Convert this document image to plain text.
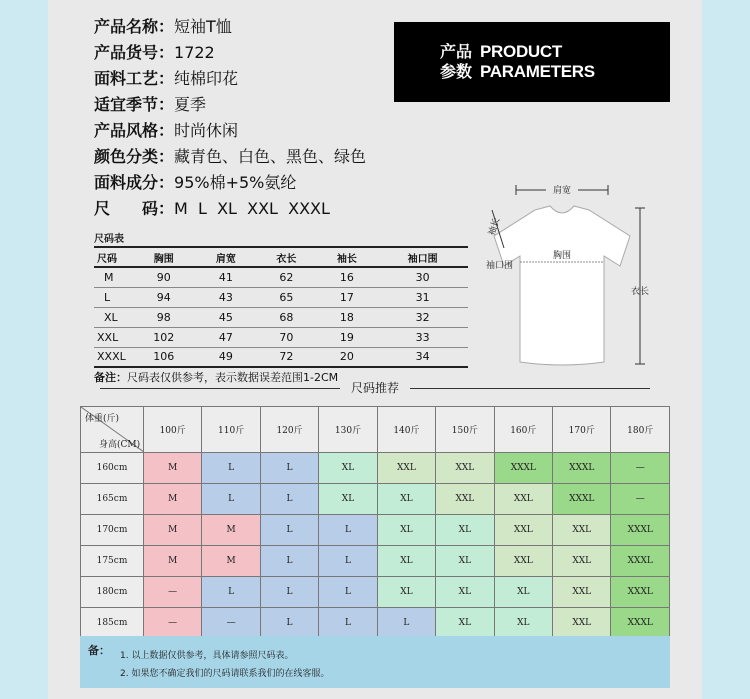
产品名称：短袖T恤
产品货号：1722
面料工艺：纯棉印花
适宜季节：夏季
产品风格：时尚休闲
颜色分类：藏青色、白色、黑色、绿色
面料成分：95%棉+5%氨纶
尺　　码：M  L  XL  XXL  XXXL
产品
参数
PRODUCT
PARAMETERS
尺码表
尺码	胸围	肩宽	衣长	袖长	袖口围
M	90	41	62	16	30
L	94	43	65	17	31
XL	98	45	68	18	32
XXL	102	47	70	19	33
XXXL	106	49	72	20	34
备注：尺码表仅供参考，表示数据误差范围1-2CM
肩宽
胸围
袖长
袖口围
衣长
尺码推荐
体重(斤)
身高(CM)	100斤	110斤	120斤	130斤	140斤	150斤	160斤	170斤	180斤
160cm	M	L	L	XL	XXL	XXL	XXXL	XXXL	—
165cm	M	L	L	XL	XL	XXL	XXL	XXXL	—
170cm	M	M	L	L	XL	XL	XXL	XXL	XXXL
175cm	M	M	L	L	XL	XL	XXL	XXL	XXXL
180cm	—	L	L	L	XL	XL	XL	XXL	XXXL
185cm	—	—	L	L	L	XL	XL	XXL	XXXL
备： 1. 以上数据仅供参考，具体请参照尺码表。
2. 如果您不确定我们的尺码请联系我们的在线客服。
